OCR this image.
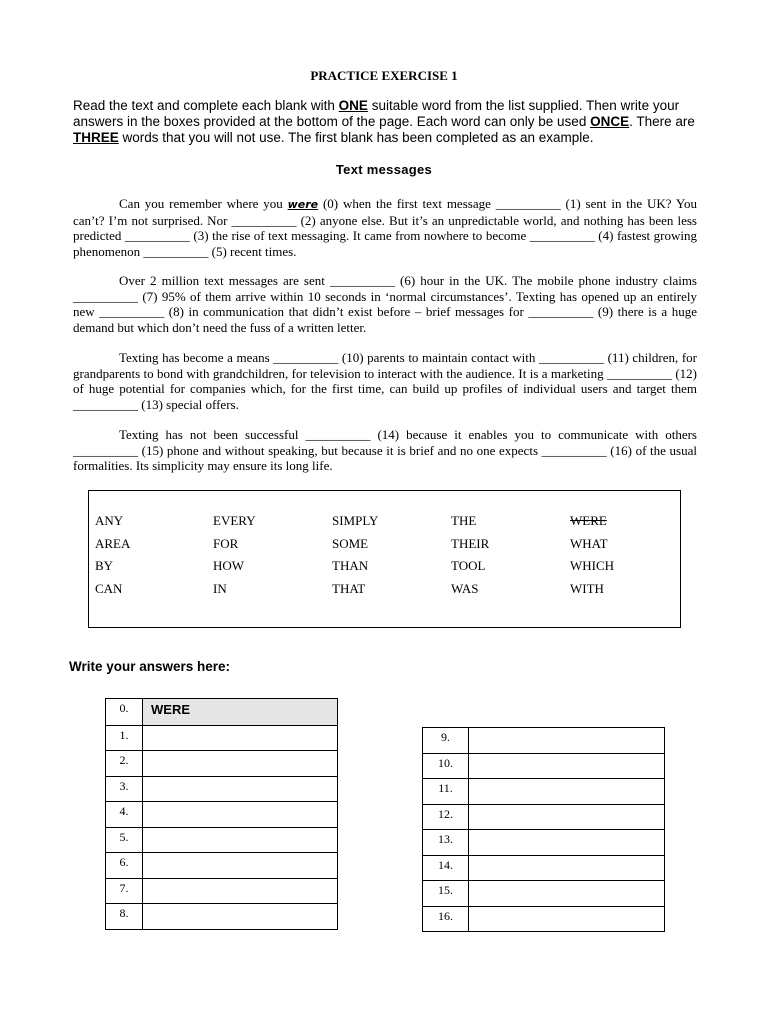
PRACTICE EXERCISE 1
Read the text and complete each blank with ONE suitable word from the list supplied. Then write your answers in the boxes provided at the bottom of the page. Each word can only be used ONCE. There are THREE words that you will not use. The first blank has been completed as an example.
Text messages
Can you remember where you were (0) when the first text message __________ (1) sent in the UK? You can’t? I’m not surprised. Nor __________ (2) anyone else. But it’s an unpredictable world, and nothing has been less predicted __________ (3) the rise of text messaging. It came from nowhere to become __________ (4) fastest growing phenomenon __________ (5) recent times.
Over 2 million text messages are sent __________ (6) hour in the UK. The mobile phone industry claims __________ (7) 95% of them arrive within 10 seconds in ‘normal circumstances’. Texting has opened up an entirely new __________ (8) in communication that didn’t exist before – brief messages for __________ (9) there is a huge demand but which don’t need the fuss of a written letter.
Texting has become a means __________ (10) parents to maintain contact with __________ (11) children, for grandparents to bond with grandchildren, for television to interact with the audience. It is a marketing __________ (12) of huge potential for companies which, for the first time, can build up profiles of individual users and target them __________ (13) special offers.
Texting has not been successful __________ (14) because it enables you to communicate with others __________ (15) phone and without speaking, but because it is brief and no one expects __________ (16) of the usual formalities. Its simplicity may ensure its long life.
ANY	EVERY	SIMPLY	THE	WERE
AREA	FOR	SOME	THEIR	WHAT
BY	HOW	THAN	TOOL	WHICH
CAN	IN	THAT	WAS	WITH
Write your answers here:
0.	WERE
1.	
2.	
3.	
4.	
5.	
6.	
7.	
8.	
9.	
10.	
11.	
12.	
13.	
14.	
15.	
16.	
